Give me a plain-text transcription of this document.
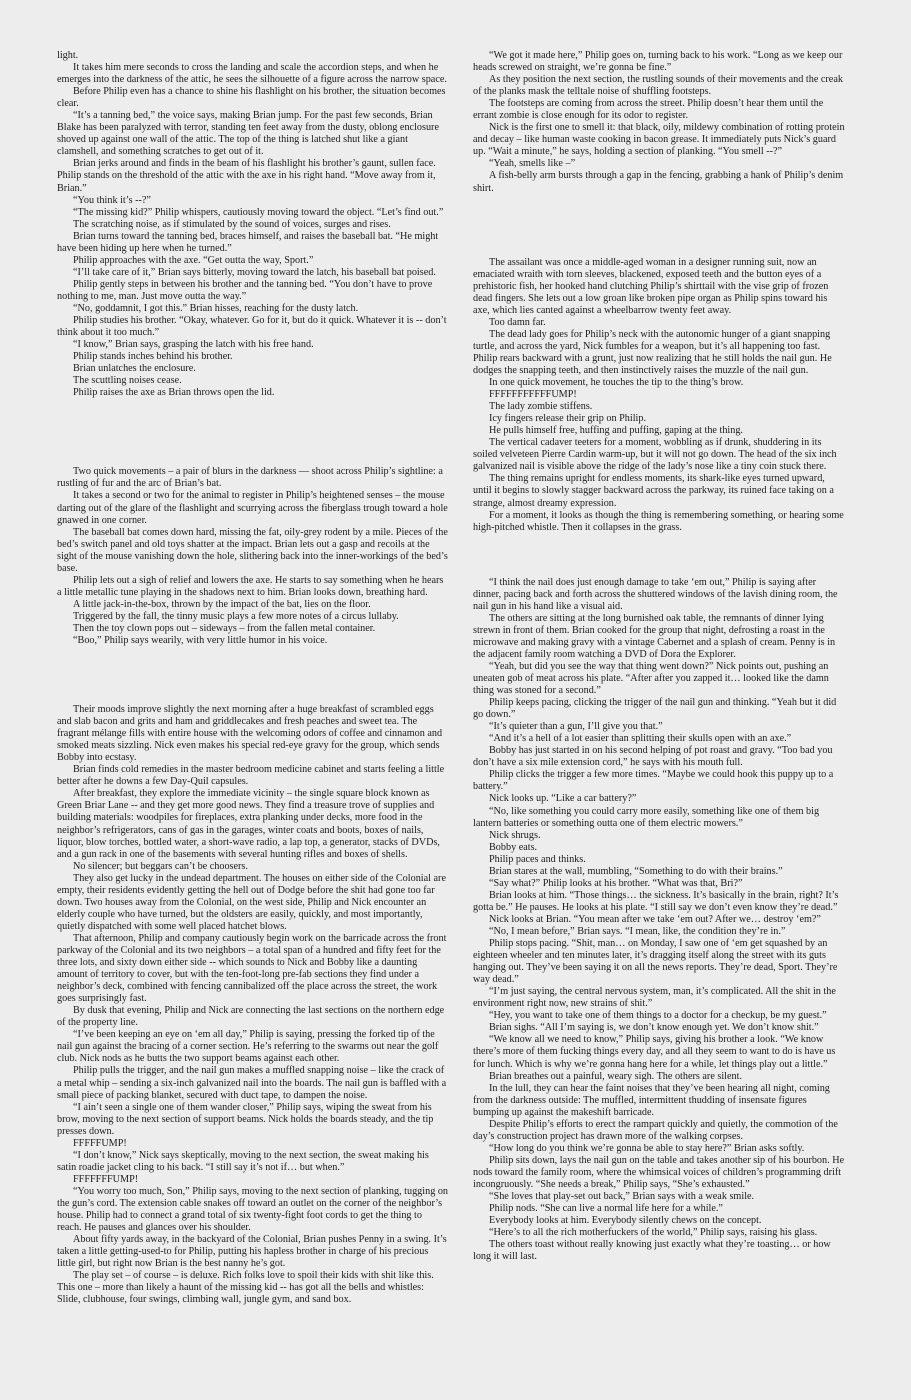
light.

It takes him mere seconds to cross the landing and scale the accordion steps, and when he emerges into the darkness of the attic, he sees the silhouette of a figure across the narrow space.

Before Philip even has a chance to shine his flashlight on his brother, the situation becomes clear.

“It’s a tanning bed,” the voice says, making Brian jump. For the past few seconds, Brian Blake has been paralyzed with terror, standing ten feet away from the dusty, oblong enclosure shoved up against one wall of the attic. The top of the thing is latched shut like a giant clamshell, and something scratches to get out of it.

Brian jerks around and finds in the beam of his flashlight his brother’s gaunt, sullen face. Philip stands on the threshold of the attic with the axe in his right hand. “Move away from it, Brian.”

“You think it’s --?”

“The missing kid?” Philip whispers, cautiously moving toward the object. “Let’s find out.”

The scratching noise, as if stimulated by the sound of voices, surges and rises.

Brian turns toward the tanning bed, braces himself, and raises the baseball bat. “He might have been hiding up here when he turned.”

Philip approaches with the axe. “Get outta the way, Sport.”

“I’ll take care of it,” Brian says bitterly, moving toward the latch, his baseball bat poised.

Philip gently steps in between his brother and the tanning bed. “You don’t have to prove nothing to me, man. Just move outta the way.”

“No, goddamnit, I got this.” Brian hisses, reaching for the dusty latch.

Philip studies his brother. “Okay, whatever. Go for it, but do it quick. Whatever it is -- don’t think about it too much.”

“I know,” Brian says, grasping the latch with his free hand.

Philip stands inches behind his brother.

Brian unlatches the enclosure.

The scuttling noises cease.

Philip raises the axe as Brian throws open the lid.

Two quick movements – a pair of blurs in the darkness — shoot across Philip’s sightline: a rustling of fur and the arc of Brian’s bat.

It takes a second or two for the animal to register in Philip’s heightened senses – the mouse darting out of the glare of the flashlight and scurrying across the fiberglass trough toward a hole gnawed in one corner.

The baseball bat comes down hard, missing the fat, oily-grey rodent by a mile. Pieces of the bed’s switch panel and old toys shatter at the impact. Brian lets out a gasp and recoils at the sight of the mouse vanishing down the hole, slithering back into the inner-workings of the bed’s base.

Philip lets out a sigh of relief and lowers the axe. He starts to say something when he hears a little metallic tune playing in the shadows next to him. Brian looks down, breathing hard.

A little jack-in-the-box, thrown by the impact of the bat, lies on the floor.

Triggered by the fall, the tinny music plays a few more notes of a circus lullaby.

Then the toy clown pops out – sideways – from the fallen metal container.

“Boo,” Philip says wearily, with very little humor in his voice.

Their moods improve slightly the next morning after a huge breakfast of scrambled eggs and slab bacon and grits and ham and griddlecakes and fresh peaches and sweet tea. The fragrant mélange fills with entire house with the welcoming odors of coffee and cinnamon and smoked meats sizzling. Nick even makes his special red-eye gravy for the group, which sends Bobby into ecstasy.

Brian finds cold remedies in the master bedroom medicine cabinet and starts feeling a little better after he downs a few Day-Quil capsules.

After breakfast, they explore the immediate vicinity – the single square block known as Green Briar Lane -- and they get more good news. They find a treasure trove of supplies and building materials: woodpiles for fireplaces, extra planking under decks, more food in the neighbor’s refrigerators, cans of gas in the garages, winter coats and boots, boxes of nails, liquor, blow torches, bottled water, a short-wave radio, a lap top, a generator, stacks of DVDs, and a gun rack in one of the basements with several hunting rifles and boxes of shells.

No silencer; but beggars can’t be choosers.

They also get lucky in the undead department. The houses on either side of the Colonial are empty, their residents evidently getting the hell out of Dodge before the shit had gone too far down. Two houses away from the Colonial, on the west side, Philip and Nick encounter an elderly couple who have turned, but the oldsters are easily, quickly, and most importantly, quietly dispatched with some well placed hatchet blows.

That afternoon, Philip and company cautiously begin work on the barricade across the front parkway of the Colonial and its two neighbors – a total span of a hundred and fifty feet for the three lots, and sixty down either side -- which sounds to Nick and Bobby like a daunting amount of territory to cover, but with the ten-foot-long pre-fab sections they find under a neighbor’s deck, combined with fencing cannibalized off the place across the street, the work goes surprisingly fast.

By dusk that evening, Philip and Nick are connecting the last sections on the northern edge of the property line.

“I’ve been keeping an eye on ‘em all day,” Philip is saying, pressing the forked tip of the nail gun against the bracing of a corner section. He’s referring to the swarms out near the golf club. Nick nods as he butts the two support beams against each other.

Philip pulls the trigger, and the nail gun makes a muffled snapping noise – like the crack of a metal whip – sending a six-inch galvanized nail into the boards. The nail gun is baffled with a small piece of packing blanket, secured with duct tape, to dampen the noise.

“I ain’t seen a single one of them wander closer,” Philip says, wiping the sweat from his brow, moving to the next section of support beams. Nick holds the boards steady, and the tip presses down.

FFFFFUMP!

“I don’t know,” Nick says skeptically, moving to the next section, the sweat making his satin roadie jacket cling to his back. “I still say it’s not if… but when.”

FFFFFFFUMP!

“You worry too much, Son,” Philip says, moving to the next section of planking, tugging on the gun’s cord. The extension cable snakes off toward an outlet on the corner of the neighbor’s house. Philip had to connect a grand total of six twenty-fight foot cords to get the thing to reach. He pauses and glances over his shoulder.

About fifty yards away, in the backyard of the Colonial, Brian pushes Penny in a swing. It’s taken a little getting-used-to for Philip, putting his hapless brother in charge of his precious little girl, but right now Brian is the best nanny he’s got.

The play set – of course – is deluxe. Rich folks love to spoil their kids with shit like this. This one – more than likely a haunt of the missing kid -- has got all the bells and whistles: Slide, clubhouse, four swings, climbing wall, jungle gym, and sand box.

“We got it made here,” Philip goes on, turning back to his work. “Long as we keep our heads screwed on straight, we’re gonna be fine.”

As they position the next section, the rustling sounds of their movements and the creak of the planks mask the telltale noise of shuffling footsteps.

The footsteps are coming from across the street. Philip doesn’t hear them until the errant zombie is close enough for its odor to register.

Nick is the first one to smell it: that black, oily, mildewy combination of rotting protein and decay – like human waste cooking in bacon grease. It immediately puts Nick’s guard up. “Wait a minute,” he says, holding a section of planking. “You smell --?”

“Yeah, smells like –”

A fish-belly arm bursts through a gap in the fencing, grabbing a hank of Philip’s denim shirt.

The assailant was once a middle-aged woman in a designer running suit, now an emaciated wraith with torn sleeves, blackened, exposed teeth and the button eyes of a prehistoric fish, her hooked hand clutching Philip’s shirttail with the vise grip of frozen dead fingers. She lets out a low groan like broken pipe organ as Philip spins toward his axe, which lies canted against a wheelbarrow twenty feet away.

Too damn far.

The dead lady goes for Philip’s neck with the autonomic hunger of a giant snapping turtle, and across the yard, Nick fumbles for a weapon, but it’s all happening too fast. Philip rears backward with a grunt, just now realizing that he still holds the nail gun. He dodges the snapping teeth, and then instinctively raises the muzzle of the nail gun.

In one quick movement, he touches the tip to the thing’s brow.

FFFFFFFFFFFUMP!

The lady zombie stiffens.

Icy fingers release their grip on Philip.

He pulls himself free, huffing and puffing, gaping at the thing.

The vertical cadaver teeters for a moment, wobbling as if drunk, shuddering in its soiled velveteen Pierre Cardin warm-up, but it will not go down. The head of the six inch galvanized nail is visible above the ridge of the lady’s nose like a tiny coin stuck there.

The thing remains upright for endless moments, its shark-like eyes turned upward, until it begins to slowly stagger backward across the parkway, its ruined face taking on a strange, almost dreamy expression.

For a moment, it looks as though the thing is remembering something, or hearing some high-pitched whistle. Then it collapses in the grass.

“I think the nail does just enough damage to take ‘em out,” Philip is saying after dinner, pacing back and forth across the shuttered windows of the lavish dining room, the nail gun in his hand like a visual aid.

The others are sitting at the long burnished oak table, the remnants of dinner lying strewn in front of them. Brian cooked for the group that night, defrosting a roast in the microwave and making gravy with a vintage Cabernet and a splash of cream. Penny is in the adjacent family room watching a DVD of Dora the Explorer.

“Yeah, but did you see the way that thing went down?” Nick points out, pushing an uneaten gob of meat across his plate. “After after you zapped it… looked like the damn thing was stoned for a second.”

Philip keeps pacing, clicking the trigger of the nail gun and thinking. “Yeah but it did go down.”

“It’s quieter than a gun, I’ll give you that.”

“And it’s a hell of a lot easier than splitting their skulls open with an axe.”

Bobby has just started in on his second helping of pot roast and gravy. “Too bad you don’t have a six mile extension cord,” he says with his mouth full.

Philip clicks the trigger a few more times. “Maybe we could hook this puppy up to a battery.”

Nick looks up. “Like a car battery?”

“No, like something you could carry more easily, something like one of them big lantern batteries or something outta one of them electric mowers.”

Nick shrugs.

Bobby eats.

Philip paces and thinks.

Brian stares at the wall, mumbling, “Something to do with their brains.”

“Say what?” Philip looks at his brother. “What was that, Bri?”

Brian looks at him. “Those things… the sickness. It’s basically in the brain, right? It’s gotta be.” He pauses. He looks at his plate. “I still say we don’t even know they’re dead.”

Nick looks at Brian. “You mean after we take ‘em out? After we… destroy ‘em?”

“No, I mean before,” Brian says. “I mean, like, the condition they’re in.”

Philip stops pacing. “Shit, man… on Monday, I saw one of ‘em get squashed by an eighteen wheeler and ten minutes later, it’s dragging itself along the street with its guts hanging out. They’ve been saying it on all the news reports. They’re dead, Sport. They’re way dead.”

“I’m just saying, the central nervous system, man, it’s complicated. All the shit in the environment right now, new strains of shit.”

“Hey, you want to take one of them things to a doctor for a checkup, be my guest.”

Brian sighs. “All I’m saying is, we don’t know enough yet. We don’t know shit.”

“We know all we need to know,” Philip says, giving his brother a look. “We know there’s more of them fucking things every day, and all they seem to want to do is have us for lunch. Which is why we’re gonna hang here for a while, let things play out a little.”

Brian breathes out a painful, weary sigh. The others are silent.

In the lull, they can hear the faint noises that they’ve been hearing all night, coming from the darkness outside: The muffled, intermittent thudding of insensate figures bumping up against the makeshift barricade.

Despite Philip’s efforts to erect the rampart quickly and quietly, the commotion of the day’s construction project has drawn more of the walking corpses.

“How long do you think we’re gonna be able to stay here?” Brian asks softly.

Philip sits down, lays the nail gun on the table and takes another sip of his bourbon. He nods toward the family room, where the whimsical voices of children’s programming drift incongruously. “She needs a break,” Philip says, “She’s exhausted.”

“She loves that play-set out back,” Brian says with a weak smile.

Philip nods. “She can live a normal life here for a while.”

Everybody looks at him. Everybody silently chews on the concept.

“Here’s to all the rich motherfuckers of the world,” Philip says, raising his glass.

The others toast without really knowing just exactly what they’re toasting… or how long it will last.
